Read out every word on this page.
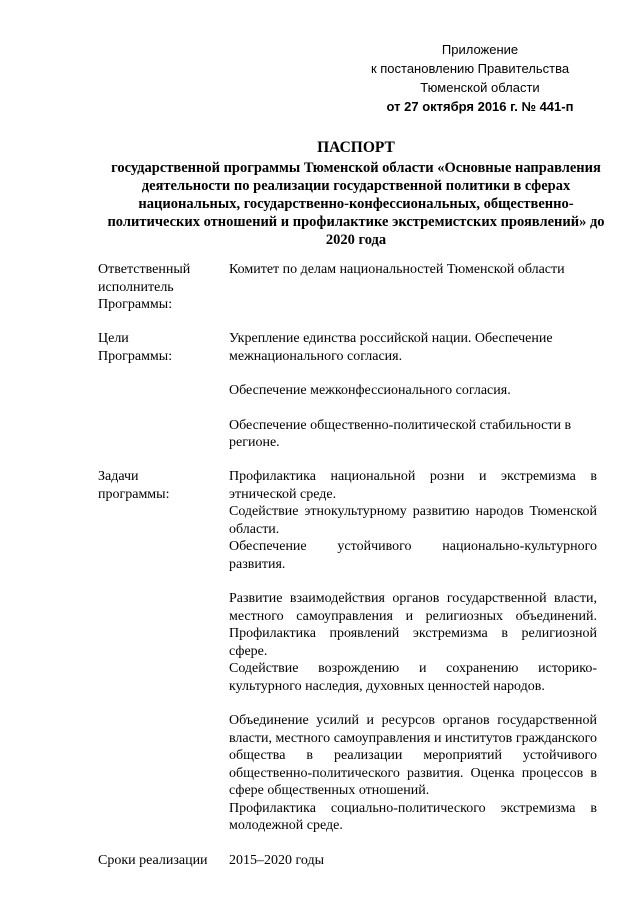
Приложение
к постановлению Правительства
Тюменской области
от 27 октября 2016 г. № 441-п
ПАСПОРТ
государственной программы Тюменской области «Основные направления деятельности по реализации государственной политики в сферах национальных, государственно-конфессиональных, общественно-политических отношений и профилактике экстремистских проявлений» до 2020 года
Ответственный исполнитель Программы:

Комитет по делам национальностей Тюменской области

Цели Программы:

Укрепление единства российской нации. Обеспечение межнационального согласия.

Обеспечение межконфессионального согласия.

Обеспечение общественно-политической стабильности в регионе.

Задачи программы:

Профилактика национальной розни и экстремизма в этнической среде.

Содействие этнокультурному развитию народов Тюменской области.

Обеспечение устойчивого национально-культурного развития.

Развитие взаимодействия органов государственной власти, местного самоуправления и религиозных объединений. Профилактика проявлений экстремизма в религиозной сфере.

Содействие возрождению и сохранению историко-культурного наследия, духовных ценностей народов.

Объединение усилий и ресурсов органов государственной власти, местного самоуправления и институтов гражданского общества в реализации мероприятий устойчивого общественно-политического развития. Оценка процессов в сфере общественных отношений.

Профилактика социально-политического экстремизма в молодежной среде.

Сроки реализации	2015–2020 годы
